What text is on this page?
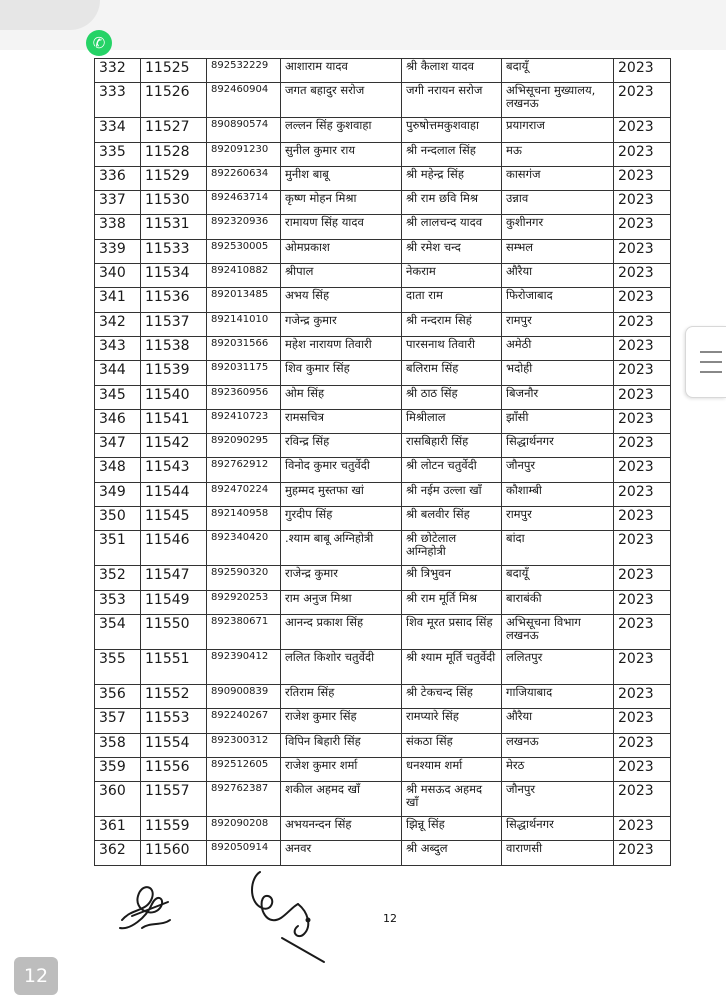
✆
332	11525	892532229	आशाराम यादव	श्री कैलाश यादव	बदायूँ	2023
333	11526	892460904	जगत बहादुर सरोज	जगी नरायन सरोज	अभिसूचना मुख्यालय, लखनऊ	2023
334	11527	890890574	लल्लन सिंह कुशवाहा	पुरुषोत्तमकुशवाहा	प्रयागराज	2023
335	11528	892091230	सुनील कुमार राय	श्री नन्दलाल सिंह	मऊ	2023
336	11529	892260634	मुनीश बाबू	श्री महेन्द्र सिंह	कासगंज	2023
337	11530	892463714	कृष्ण मोहन मिश्रा	श्री राम छवि मिश्र	उन्नाव	2023
338	11531	892320936	रामायण सिंह यादव	श्री लालचन्द यादव	कुशीनगर	2023
339	11533	892530005	ओमप्रकाश	श्री रमेश चन्द	सम्भल	2023
340	11534	892410882	श्रीपाल	नेकराम	औरैया	2023
341	11536	892013485	अभय सिंह	दाता राम	फिरोजाबाद	2023
342	11537	892141010	गजेन्द्र कुमार	श्री नन्दराम सिहं	रामपुर	2023
343	11538	892031566	महेश नारायण तिवारी	पारसनाथ तिवारी	अमेठी	2023
344	11539	892031175	शिव कुमार सिंह	बलिराम सिंह	भदोही	2023
345	11540	892360956	ओम सिंह	श्री ठाठ सिंह	बिजनौर	2023
346	11541	892410723	रामसचित्र	मिश्रीलाल	झाँसी	2023
347	11542	892090295	रविन्द्र सिंह	रासबिहारी सिंह	सिद्धार्थनगर	2023
348	11543	892762912	विनोद कुमार चतुर्वेदी	श्री लोटन चतुर्वेदी	जौनपुर	2023
349	11544	892470224	मुहम्मद मुस्तफा खां	श्री नईम उल्ला खाँ	कौशाम्बी	2023
350	11545	892140958	गुरदीप सिंह	श्री बलवीर सिंह	रामपुर	2023
351	11546	892340420	.श्याम बाबू अग्निहोत्री	श्री छोटेलाल अग्निहोत्री	बांदा	2023
352	11547	892590320	राजेन्द्र कुमार	श्री त्रिभुवन	बदायूँ	2023
353	11549	892920253	राम अनुज मिश्रा	श्री राम मूर्ति मिश्र	बाराबंकी	2023
354	11550	892380671	आनन्द प्रकाश सिंह	शिव मूरत प्रसाद सिंह	अभिसूचना विभाग लखनऊ	2023
355	11551	892390412	ललित किशोर चतुर्वेदी	श्री श्याम मूर्ति चतुर्वेदी	ललितपुर	2023
356	11552	890900839	रतिराम सिंह	श्री टेकचन्द सिंह	गाजियाबाद	2023
357	11553	892240267	राजेश कुमार सिंह	रामप्यारे सिंह	औरैया	2023
358	11554	892300312	विपिन बिहारी सिंह	संकठा सिंह	लखनऊ	2023
359	11556	892512605	राजेश कुमार शर्मा	धनश्याम शर्मा	मेरठ	2023
360	11557	892762387	शकील अहमद खाँ	श्री मसऊद अहमद खाँ	जौनपुर	2023
361	11559	892090208	अभयनन्दन सिंह	झिन्नू सिंह	सिद्धार्थनगर	2023
362	11560	892050914	अनवर	श्री अब्दुल	वाराणसी	2023
12
12
